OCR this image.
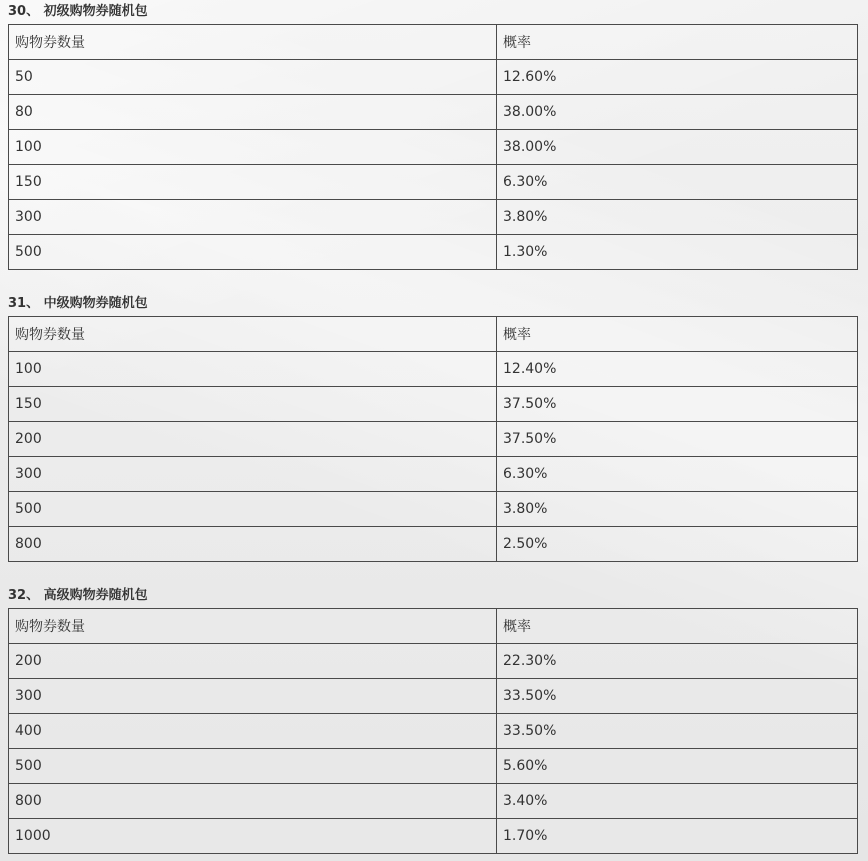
30、 初级购物券随机包
购物券数量	概率
50	12.60%
80	38.00%
100	38.00%
150	6.30%
300	3.80%
500	1.30%
31、 中级购物券随机包
购物券数量	概率
100	12.40%
150	37.50%
200	37.50%
300	6.30%
500	3.80%
800	2.50%
32、 高级购物券随机包
购物券数量	概率
200	22.30%
300	33.50%
400	33.50%
500	5.60%
800	3.40%
1000	1.70%
